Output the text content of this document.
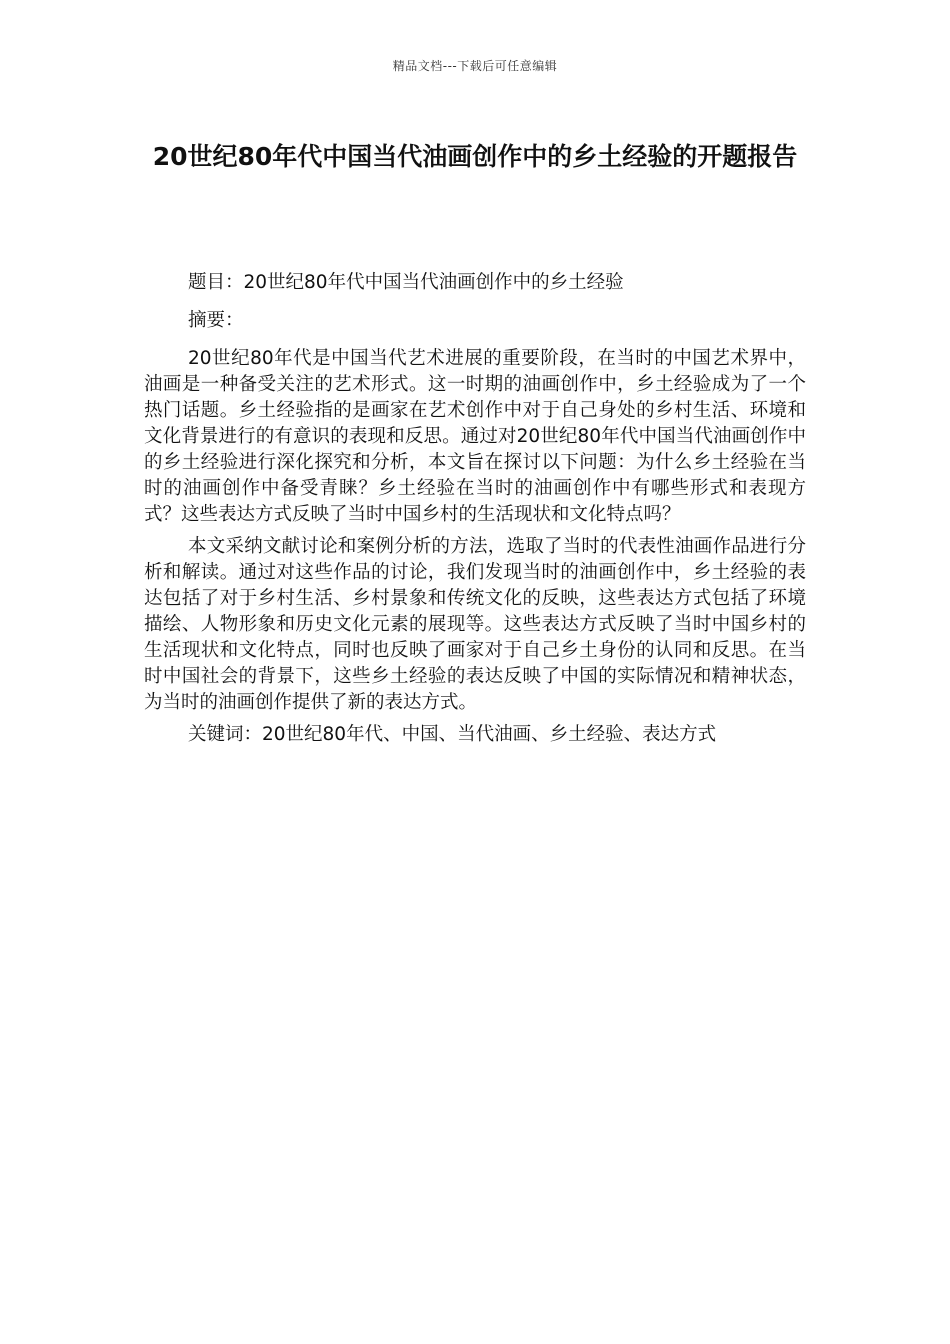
精品文档---下载后可任意编辑
20世纪80年代中国当代油画创作中的乡土经验的开题报告

题目：20世纪80年代中国当代油画创作中的乡土经验

摘要：

20世纪80年代是中国当代艺术进展的重要阶段，在当时的中国艺术界中，油画是一种备受关注的艺术形式。这一时期的油画创作中，乡土经验成为了一个热门话题。乡土经验指的是画家在艺术创作中对于自己身处的乡村生活、环境和文化背景进行的有意识的表现和反思。通过对20世纪80年代中国当代油画创作中的乡土经验进行深化探究和分析，本文旨在探讨以下问题：为什么乡土经验在当时的油画创作中备受青睐？乡土经验在当时的油画创作中有哪些形式和表现方式？这些表达方式反映了当时中国乡村的生活现状和文化特点吗？

本文采纳文献讨论和案例分析的方法，选取了当时的代表性油画作品进行分析和解读。通过对这些作品的讨论，我们发现当时的油画创作中，乡土经验的表达包括了对于乡村生活、乡村景象和传统文化的反映，这些表达方式包括了环境描绘、人物形象和历史文化元素的展现等。这些表达方式反映了当时中国乡村的生活现状和文化特点，同时也反映了画家对于自己乡土身份的认同和反思。在当时中国社会的背景下，这些乡土经验的表达反映了中国的实际情况和精神状态，为当时的油画创作提供了新的表达方式。

关键词：20世纪80年代、中国、当代油画、乡土经验、表达方式
